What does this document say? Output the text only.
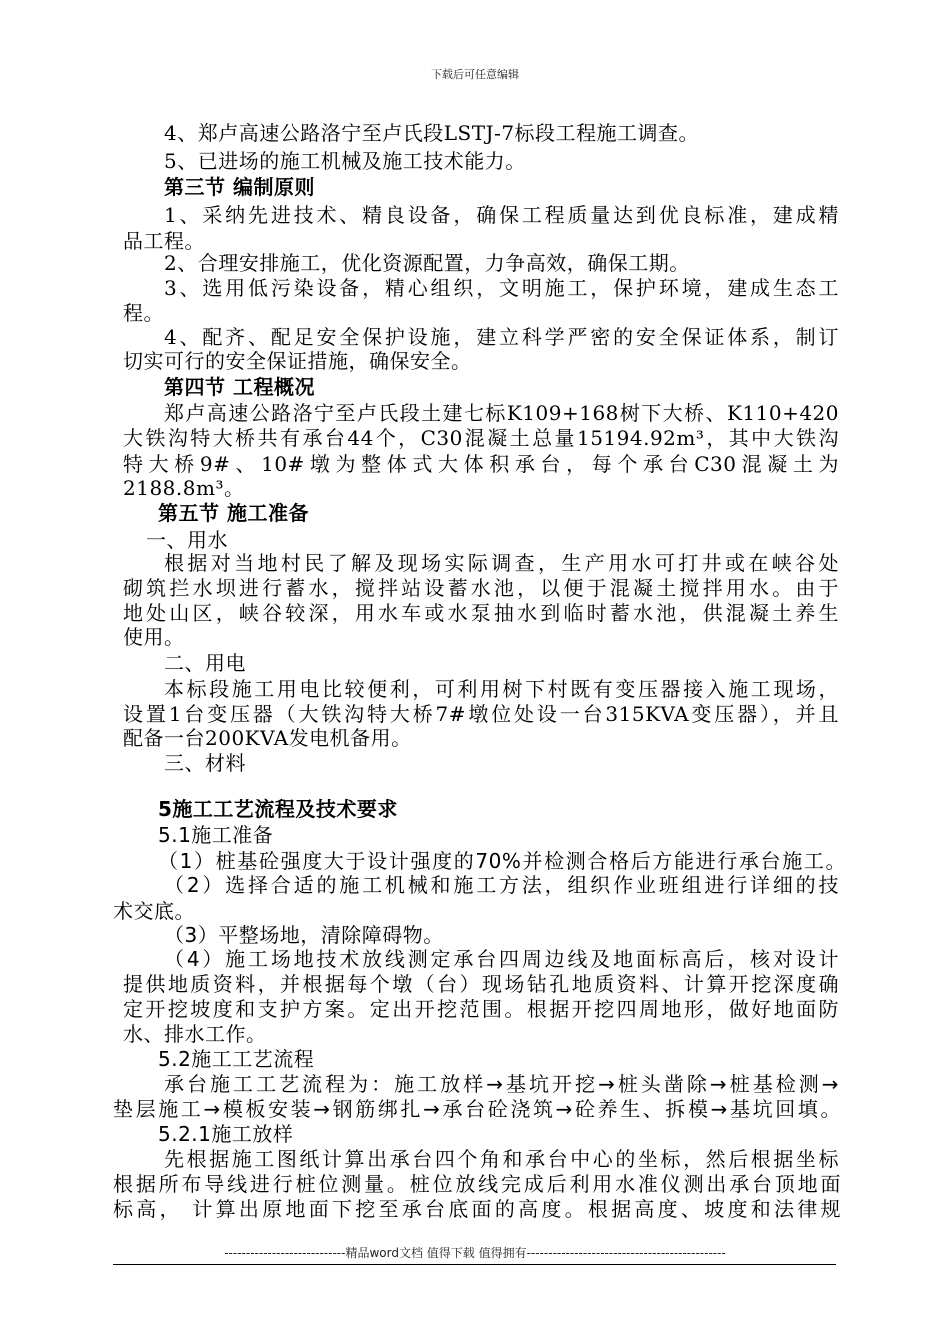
下载后可任意编辑
4、郑卢高速公路洛宁至卢氏段LSTJ-7标段工程施工调查。
5、已进场的施工机械及施工技术能力。
第三节 编制原则
1、采纳先进技术、精良设备，确保工程质量达到优良标准，建成精
品工程。
2、合理安排施工，优化资源配置，力争高效，确保工期。
3、选用低污染设备，精心组织，文明施工，保护环境，建成生态工
程。
4、配齐、配足安全保护设施，建立科学严密的安全保证体系，制订
切实可行的安全保证措施，确保安全。
第四节 工程概况
郑卢高速公路洛宁至卢氏段土建七标K109+168树下大桥、K110+420
大铁沟特大桥共有承台44个，C30混凝土总量15194.92m³，其中大铁沟
特大桥9#、10#墩为整体式大体积承台，每个承台C30混凝土为
2188.8m³。
第五节 施工准备
一、用水
根据对当地村民了解及现场实际调查，生产用水可打井或在峡谷处
砌筑拦水坝进行蓄水，搅拌站设蓄水池，以便于混凝土搅拌用水。由于
地处山区，峡谷较深，用水车或水泵抽水到临时蓄水池，供混凝土养生
使用。
二、用电
本标段施工用电比较便利，可利用树下村既有变压器接入施工现场，
设置1台变压器（大铁沟特大桥7#墩位处设一台315KVA变压器），并且
配备一台200KVA发电机备用。
三、材料
5施工工艺流程及技术要求
5.1施工准备
（1）桩基砼强度大于设计强度的70%并检测合格后方能进行承台施工。
（2）选择合适的施工机械和施工方法，组织作业班组进行详细的技
术交底。
（3）平整场地，清除障碍物。
（4）施工场地技术放线测定承台四周边线及地面标高后，核对设计
提供地质资料，并根据每个墩（台）现场钻孔地质资料、计算开挖深度确
定开挖坡度和支护方案。定出开挖范围。根据开挖四周地形，做好地面防
水、排水工作。
5.2施工工艺流程
承台施工工艺流程为：施工放样→基坑开挖→桩头凿除→桩基检测→
垫层施工→模板安装→钢筋绑扎→承台砼浇筑→砼养生、拆模→基坑回填。
5.2.1施工放样
先根据施工图纸计算出承台四个角和承台中心的坐标，然后根据坐标
根据所布导线进行桩位测量。桩位放线完成后利用水准仪测出承台顶地面
标高， 计算出原地面下挖至承台底面的高度。根据高度、坡度和法律规
----------------------------精品word文档 值得下载 值得拥有----------------------------------------------
